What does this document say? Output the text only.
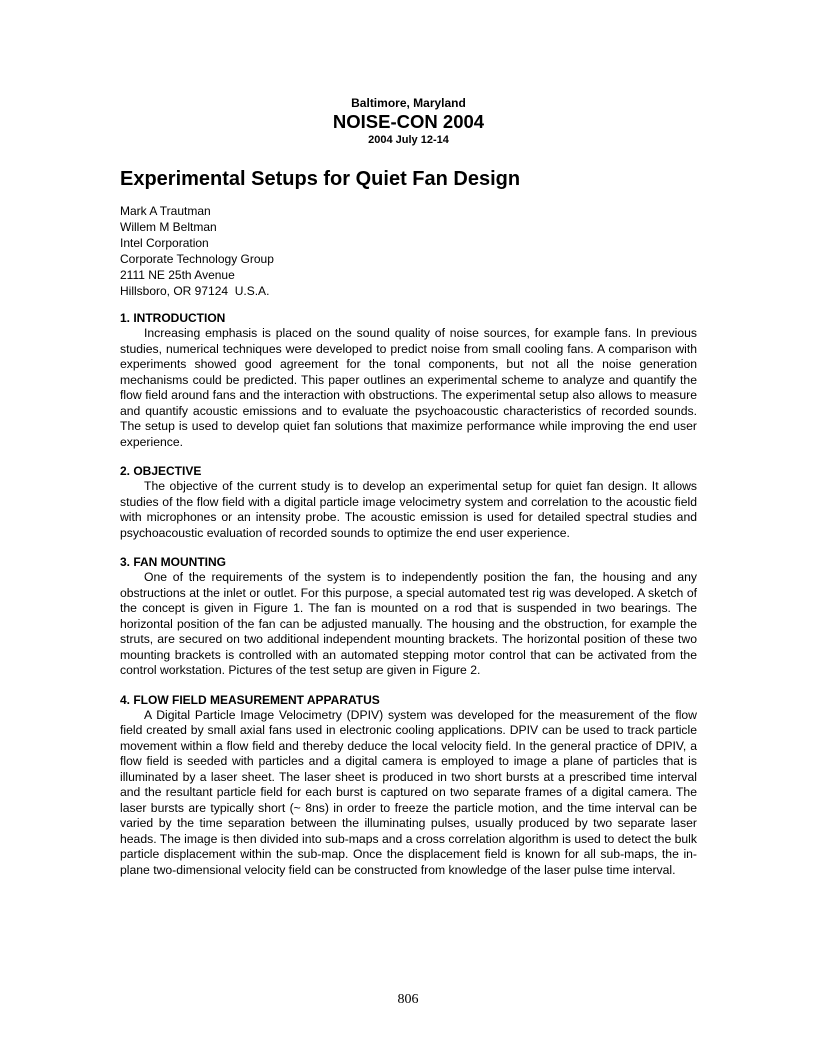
Baltimore, Maryland
NOISE-CON 2004
2004 July 12-14
Experimental Setups for Quiet Fan Design
Mark A Trautman
Willem M Beltman
Intel Corporation
Corporate Technology Group
2111 NE 25th Avenue
Hillsboro, OR 97124  U.S.A.
1. INTRODUCTION
Increasing emphasis is placed on the sound quality of noise sources, for example fans. In previous studies, numerical techniques were developed to predict noise from small cooling fans. A comparison with experiments showed good agreement for the tonal components, but not all the noise generation mechanisms could be predicted. This paper outlines an experimental scheme to analyze and quantify the flow field around fans and the interaction with obstructions. The experimental setup also allows to measure and quantify acoustic emissions and to evaluate the psychoacoustic characteristics of recorded sounds. The setup is used to develop quiet fan solutions that maximize performance while improving the end user experience.
2. OBJECTIVE
The objective of the current study is to develop an experimental setup for quiet fan design. It allows studies of the flow field with a digital particle image velocimetry system and correlation to the acoustic field with microphones or an intensity probe. The acoustic emission is used for detailed spectral studies and psychoacoustic evaluation of recorded sounds to optimize the end user experience.
3. FAN MOUNTING
One of the requirements of the system is to independently position the fan, the housing and any obstructions at the inlet or outlet. For this purpose, a special automated test rig was developed. A sketch of the concept is given in Figure 1. The fan is mounted on a rod that is suspended in two bearings. The horizontal position of the fan can be adjusted manually. The housing and the obstruction, for example the struts, are secured on two additional independent mounting brackets. The horizontal position of these two mounting brackets is controlled with an automated stepping motor control that can be activated from the control workstation. Pictures of the test setup are given in Figure 2.
4. FLOW FIELD MEASUREMENT APPARATUS
A Digital Particle Image Velocimetry (DPIV) system was developed for the measurement of the flow field created by small axial fans used in electronic cooling applications. DPIV can be used to track particle movement within a flow field and thereby deduce the local velocity field. In the general practice of DPIV, a flow field is seeded with particles and a digital camera is employed to image a plane of particles that is illuminated by a laser sheet. The laser sheet is produced in two short bursts at a prescribed time interval and the resultant particle field for each burst is captured on two separate frames of a digital camera. The laser bursts are typically short (~ 8ns) in order to freeze the particle motion, and the time interval can be varied by the time separation between the illuminating pulses, usually produced by two separate laser heads. The image is then divided into sub-maps and a cross correlation algorithm is used to detect the bulk particle displacement within the sub-map. Once the displacement field is known for all sub-maps, the in-plane two-dimensional velocity field can be constructed from knowledge of the laser pulse time interval.
806
